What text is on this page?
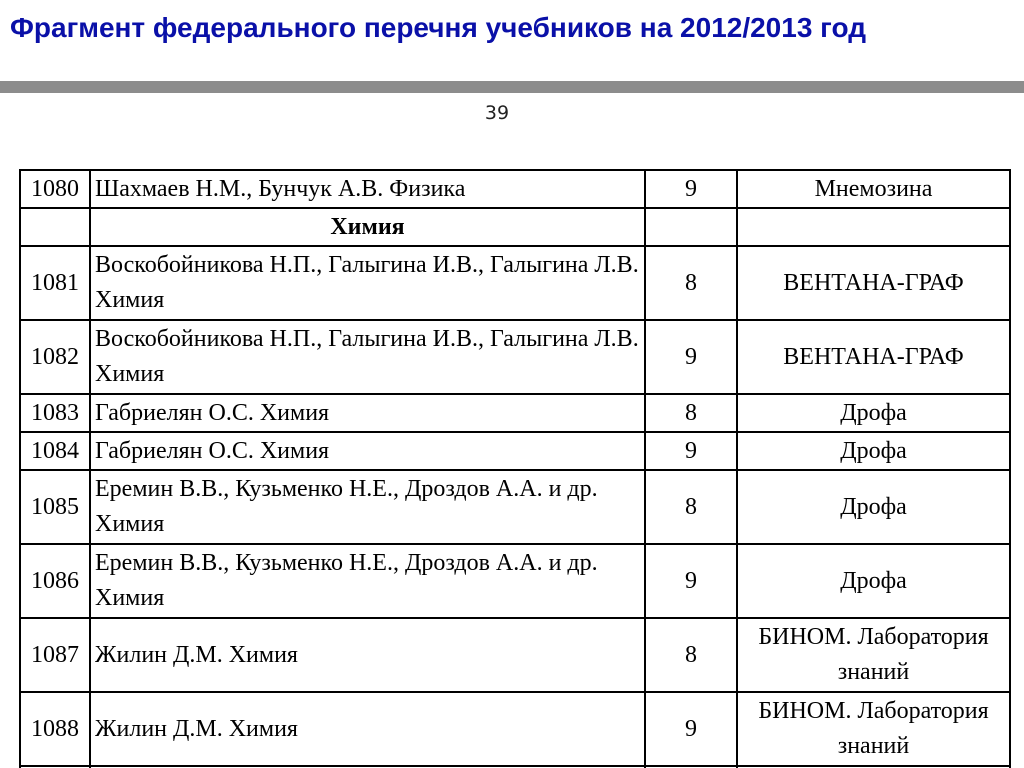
Фрагмент федерального перечня учебников на 2012/2013 год
39
1080	Шахмаев Н.М., Бунчук А.В. Физика	9	Мнемозина
	Химия		
1081	Воскобойникова Н.П., Галыгина И.В., Галыгина Л.В. Химия	8	ВЕНТАНА-ГРАФ
1082	Воскобойникова Н.П., Галыгина И.В., Галыгина Л.В. Химия	9	ВЕНТАНА-ГРАФ
1083	Габриелян О.С. Химия	8	Дрофа
1084	Габриелян О.С. Химия	9	Дрофа
1085	Еремин В.В., Кузьменко Н.Е., Дроздов А.А. и др. Химия	8	Дрофа
1086	Еремин В.В., Кузьменко Н.Е., Дроздов А.А. и др. Химия	9	Дрофа
1087	Жилин Д.М. Химия	8	БИНОМ. Лаборатория знаний
1088	Жилин Д.М. Химия	9	БИНОМ. Лаборатория знаний
